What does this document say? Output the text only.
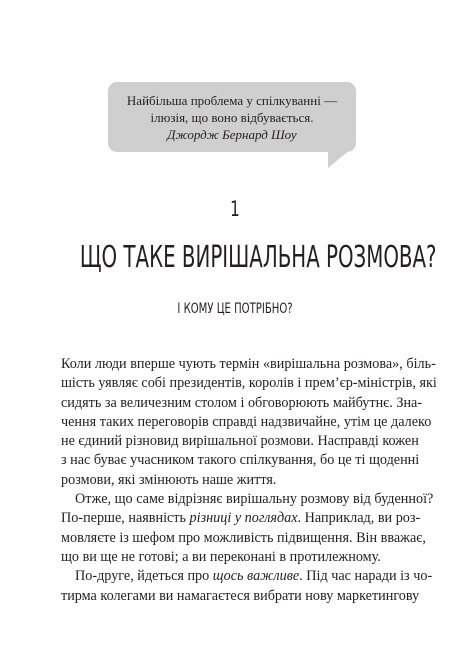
Найбільша проблема у спілкуванні —
ілюзія, що воно відбувається.
Джордж Бернард Шоу
1
ЩО ТАКЕ ВИРІШАЛЬНА РОЗМОВА?
І КОМУ ЦЕ ПОТРІБНО?
Коли люди вперше чують термін «вирішальна розмова», біль-
шість уявляє собі президентів, королів і прем’єр-міністрів, які
сидять за величезним столом і обговорюють майбутнє. Зна-
чення таких переговорів справді надзвичайне, утім це далеко
не єдиний різновид вирішальної розмови. Насправді кожен
з нас буває учасником такого спілкування, бо це ті щоденні
розмови, які змінюють наше життя.
Отже, що саме відрізняє вирішальну розмову від буденної?
По-перше, наявність різниці у поглядах. Наприклад, ви роз-
мовляєте із шефом про можливість підвищення. Він вважає,
що ви ще не готові; а ви переконані в протилежному.
По-друге, йдеться про щось важливе. Під час наради із чо-
тирма колегами ви намагаєтеся вибрати нову маркетингову
